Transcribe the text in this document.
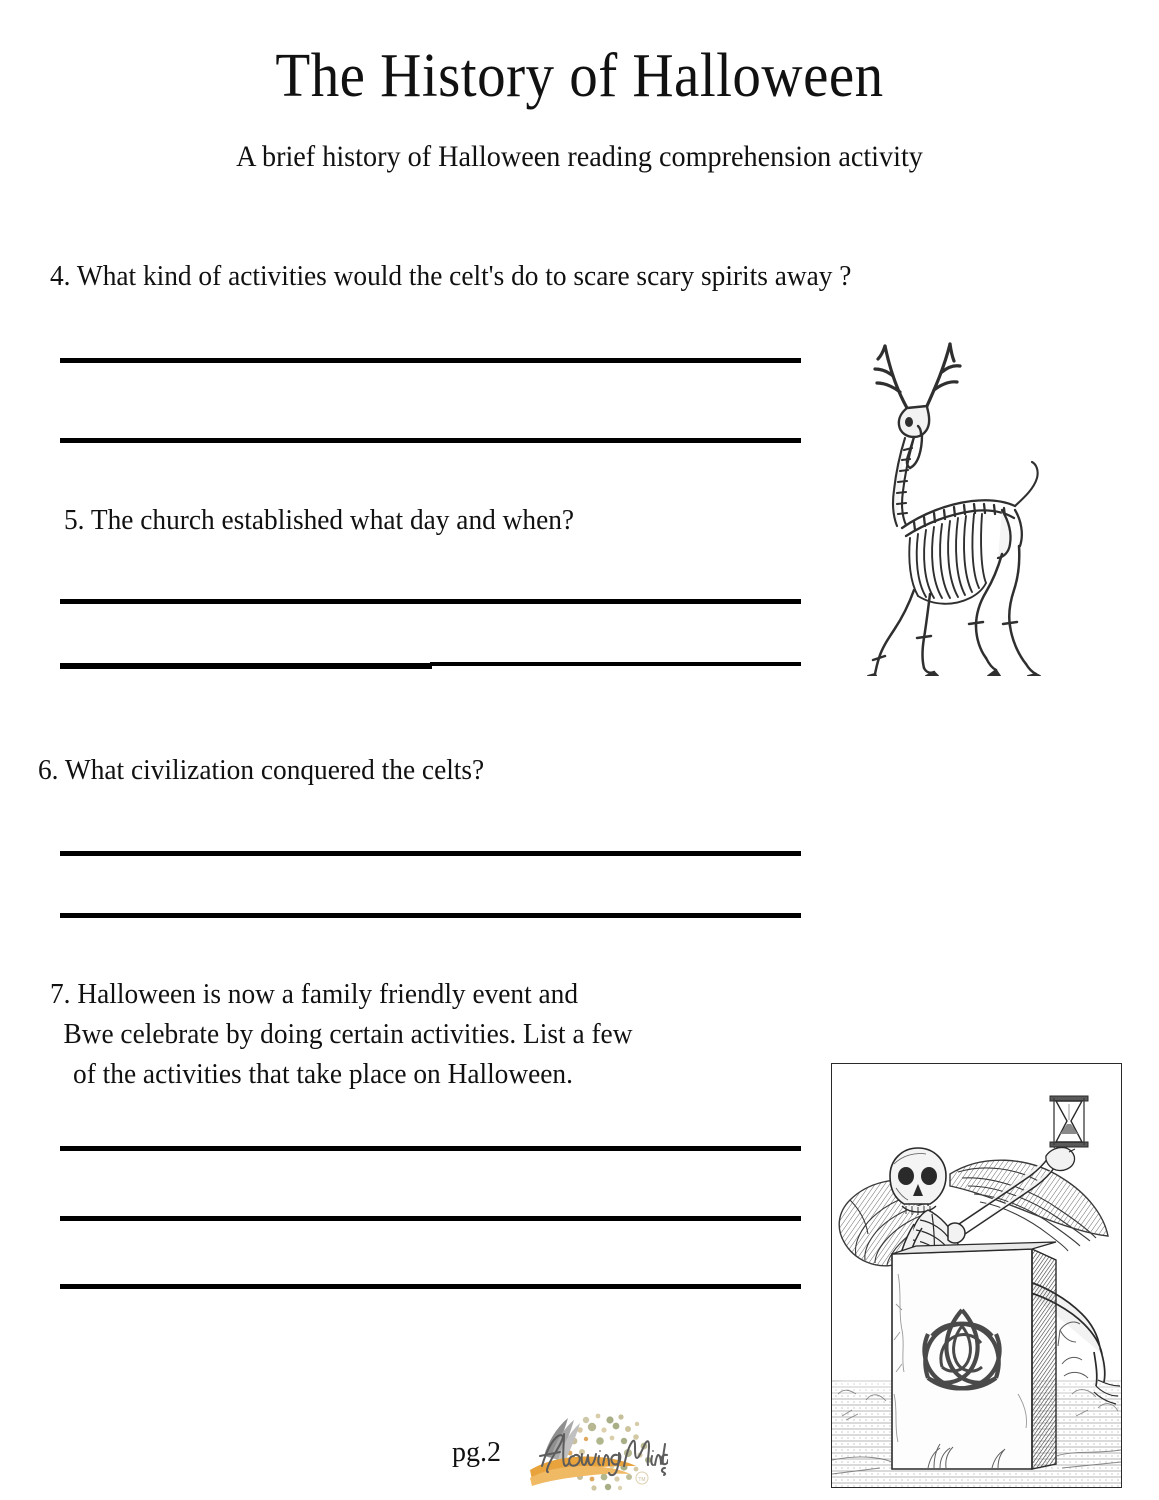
The History of Halloween
A brief history of Halloween reading comprehension activity
4. What kind of activities would the celt's do to scare scary spirits away ?
5. The church established what day and when?
6. What civilization conquered the celts?
7. Halloween is now a family friendly event and
Bwe celebrate by doing certain activities. List a few
of the activities that take place on Halloween.
pg.2
TM
